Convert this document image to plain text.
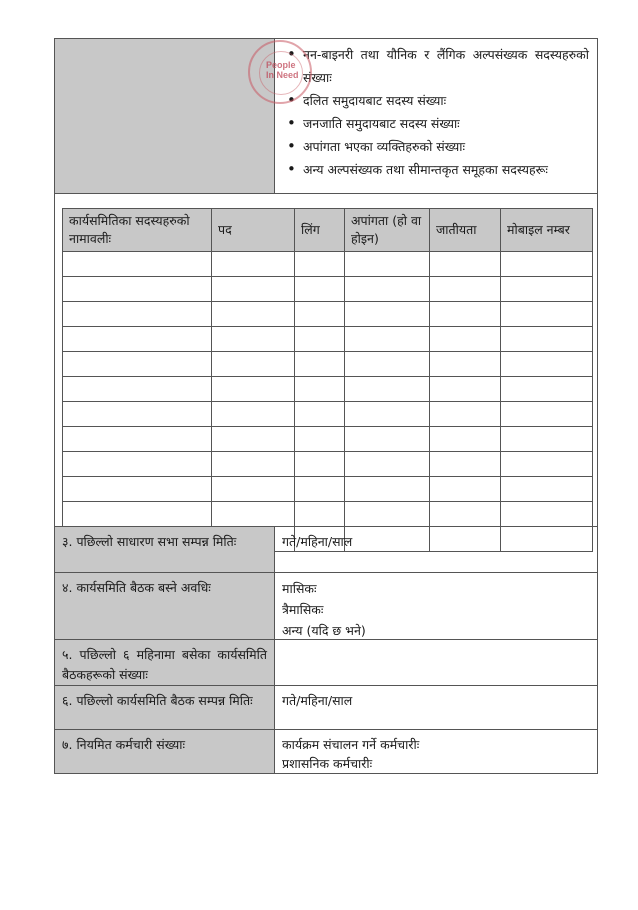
• नन-बाइनरी तथा यौनिक र लैंगिक अल्पसंख्यक सदस्यहरुको संख्याः
• दलित समुदायबाट सदस्य संख्याः
• जनजाति समुदायबाट सदस्य संख्याः
• अपांगता भएका व्यक्तिहरुको संख्याः
• अन्य अल्पसंख्यक तथा सीमान्तकृत समूहका सदस्यहरूः
People
In Need
कार्यसमितिका सदस्यहरुको नामावलीः	पद	लिंग	अपांगता (हो वा होइन)	जातीयता	मोबाइल नम्बर

३. पछिल्लो साधारण सभा सम्पन्न मितिः	गते/महिना/साल
४. कार्यसमिति बैठक बस्ने अवधिः	मासिकः
त्रैमासिकः
अन्य (यदि छ भने)
५. पछिल्लो ६ महिनामा बसेका कार्यसमिति बैठकहरूको संख्याः
६. पछिल्लो कार्यसमिति बैठक सम्पन्न मितिः	गते/महिना/साल
७. नियमित कर्मचारी संख्याः	कार्यक्रम संचालन गर्ने कर्मचारीः
प्रशासनिक कर्मचारीः
